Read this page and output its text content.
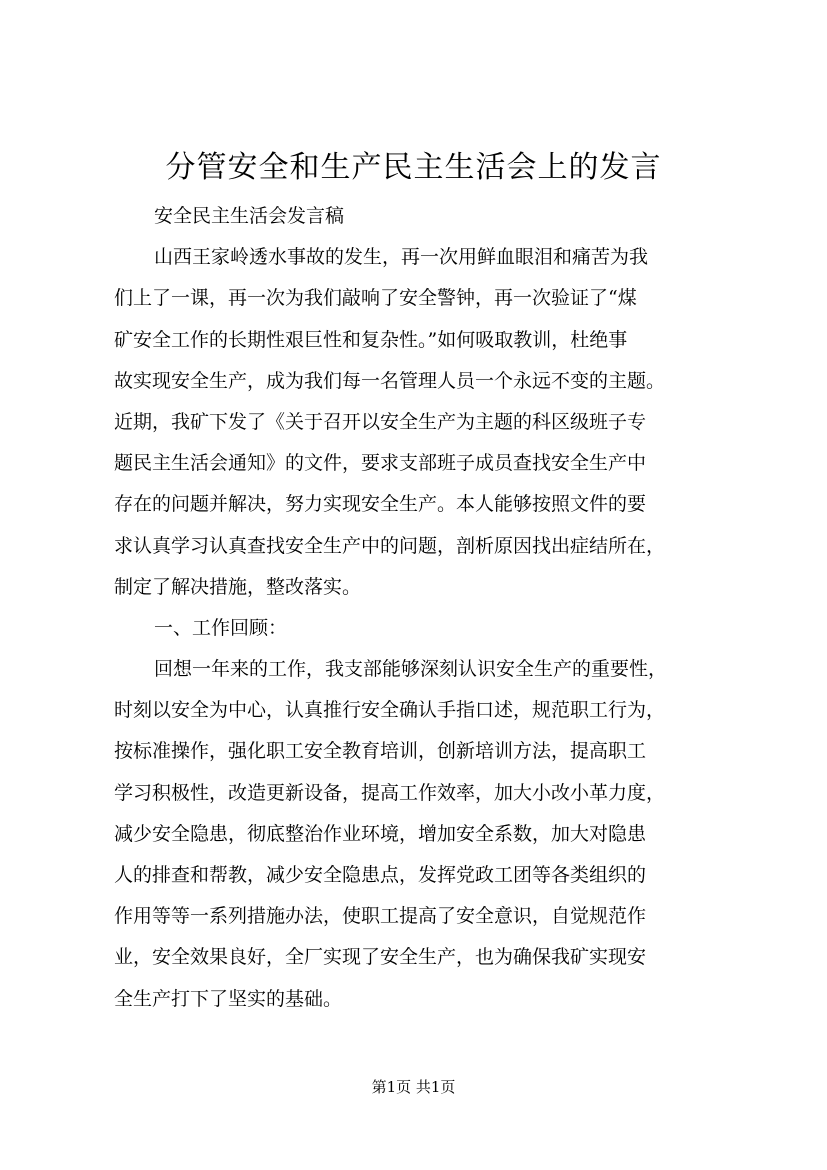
分管安全和生产民主生活会上的发言
安全民主生活会发言稿
山西王家岭透水事故的发生，再一次用鲜血眼泪和痛苦为我
们上了一课，再一次为我们敲响了安全警钟，再一次验证了“煤
矿安全工作的长期性艰巨性和复杂性。”如何吸取教训，杜绝事
故实现安全生产，成为我们每一名管理人员一个永远不变的主题。
近期，我矿下发了《关于召开以安全生产为主题的科区级班子专
题民主生活会通知》的文件，要求支部班子成员查找安全生产中
存在的问题并解决，努力实现安全生产。本人能够按照文件的要
求认真学习认真查找安全生产中的问题，剖析原因找出症结所在，
制定了解决措施，整改落实。
一、工作回顾：
回想一年来的工作，我支部能够深刻认识安全生产的重要性，
时刻以安全为中心，认真推行安全确认手指口述，规范职工行为，
按标准操作，强化职工安全教育培训，创新培训方法，提高职工
学习积极性，改造更新设备，提高工作效率，加大小改小革力度，
减少安全隐患，彻底整治作业环境，增加安全系数，加大对隐患
人的排查和帮教，减少安全隐患点，发挥党政工团等各类组织的
作用等等一系列措施办法，使职工提高了安全意识，自觉规范作
业，安全效果良好，全厂实现了安全生产，也为确保我矿实现安
全生产打下了坚实的基础。
第1页 共1页
